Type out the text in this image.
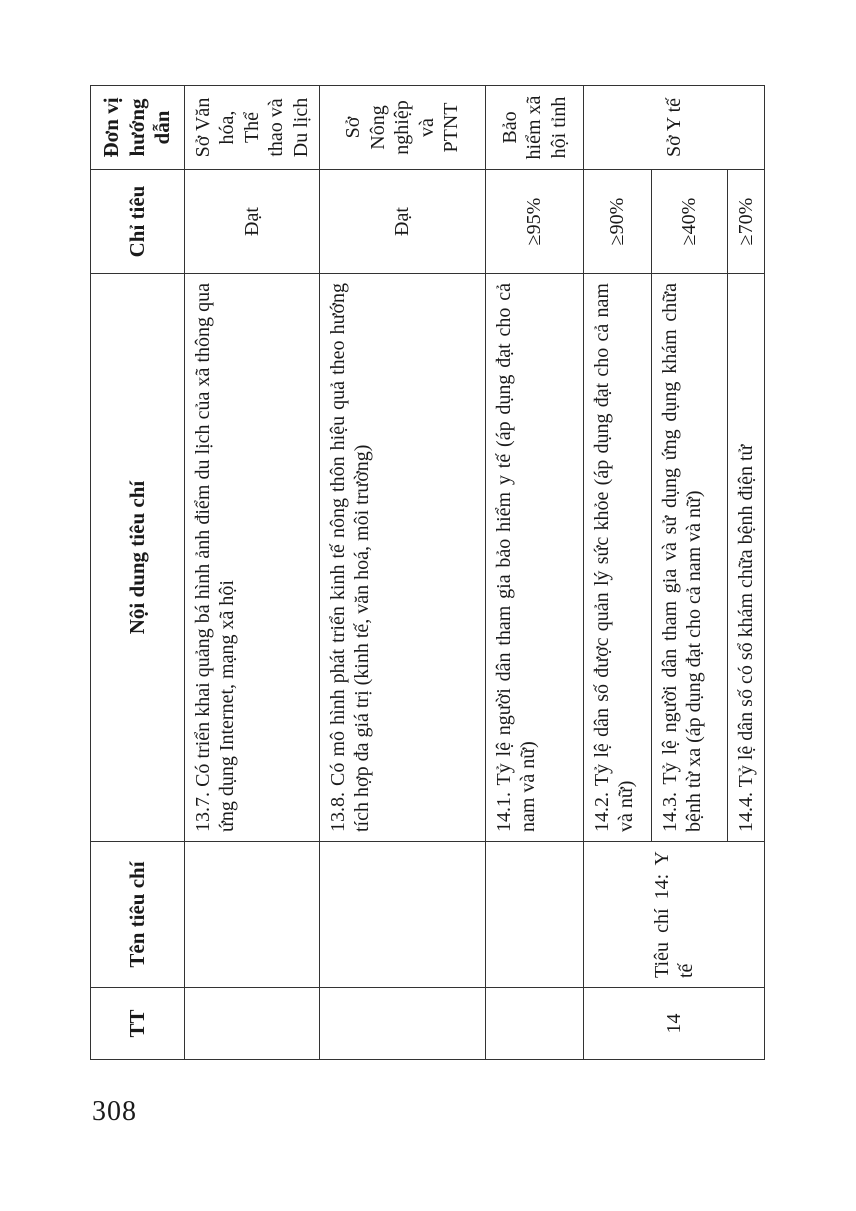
TT	Tên tiêu chí	Nội dung tiêu chí	Chỉ tiêu	Đơn vị hướng dẫn
		13.7. Có triển khai quảng bá hình ảnh điểm du lịch của xã thông qua ứng dụng Internet, mạng xã hội	Đạt	Sở Văn hóa, Thể thao và Du lịch
		13.8. Có mô hình phát triển kinh tế nông thôn hiệu quả theo hướng tích hợp đa giá trị (kinh tế, văn hoá, môi trường)	Đạt	Sở Nông nghiệp và PTNT
		14.1. Tỷ lệ người dân tham gia bảo hiểm y tế (áp dụng đạt cho cả nam và nữ)	≥95%	Bảo hiểm xã hội tỉnh
14	Tiêu chí 14: Y tế	14.2. Tỷ lệ dân số được quản lý sức khỏe (áp dụng đạt cho cả nam và nữ)	≥90%	Sở Y tế
		14.3. Tỷ lệ người dân tham gia và sử dụng ứng dụng khám chữa bệnh từ xa (áp dụng đạt cho cả nam và nữ)	≥40%	
		14.4. Tỷ lệ dân số có sổ khám chữa bệnh điện tử	≥70%	
308
